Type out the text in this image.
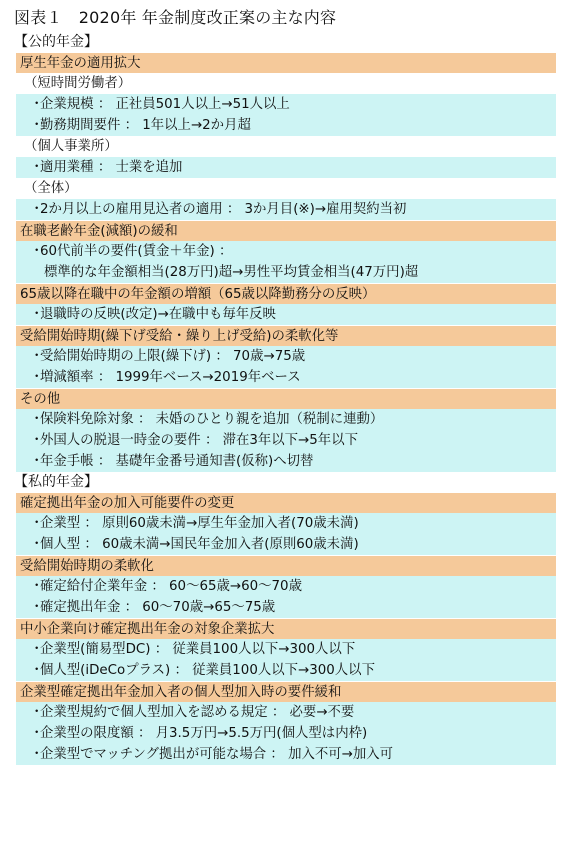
図表１　2020年 年金制度改正案の主な内容
【公的年金】
厚生年金の適用拡大
（短時間労働者）
・企業規模 ： 正社員501人以上→51人以上
・勤務期間要件 ： 1年以上→2か月超
（個人事業所）
・適用業種 ： 士業を追加
（全体）
・2か月以上の雇用見込者の適用 ： 3か月目(※)→雇用契約当初
在職老齢年金(減額)の緩和
・60代前半の要件(賃金＋年金) ：
標準的な年金額相当(28万円)超→男性平均賃金相当(47万円)超
65歳以降在職中の年金額の増額（65歳以降勤務分の反映）
・退職時の反映(改定)→在職中も毎年反映
受給開始時期(繰下げ受給・繰り上げ受給)の柔軟化等
・受給開始時期の上限(繰下げ) ： 70歳→75歳
・増減額率 ： 1999年ベース→2019年ベース
その他
・保険料免除対象 ： 未婚のひとり親を追加（税制に連動）
・外国人の脱退一時金の要件 ： 滞在3年以下→5年以下
・年金手帳 ： 基礎年金番号通知書(仮称)へ切替
【私的年金】
確定拠出年金の加入可能要件の変更
・企業型 ： 原則60歳未満→厚生年金加入者(70歳未満)
・個人型 ： 60歳未満→国民年金加入者(原則60歳未満)
受給開始時期の柔軟化
・確定給付企業年金 ： 60～65歳→60～70歳
・確定拠出年金 ： 60～70歳→65～75歳
中小企業向け確定拠出年金の対象企業拡大
・企業型(簡易型DC) ： 従業員100人以下→300人以下
・個人型(iDeCoプラス) ： 従業員100人以下→300人以下
企業型確定拠出年金加入者の個人型加入時の要件緩和
・企業型規約で個人型加入を認める規定 ： 必要→不要
・企業型の限度額 ： 月3.5万円→5.5万円(個人型は内枠)
・企業型でマッチング拠出が可能な場合 ： 加入不可→加入可
